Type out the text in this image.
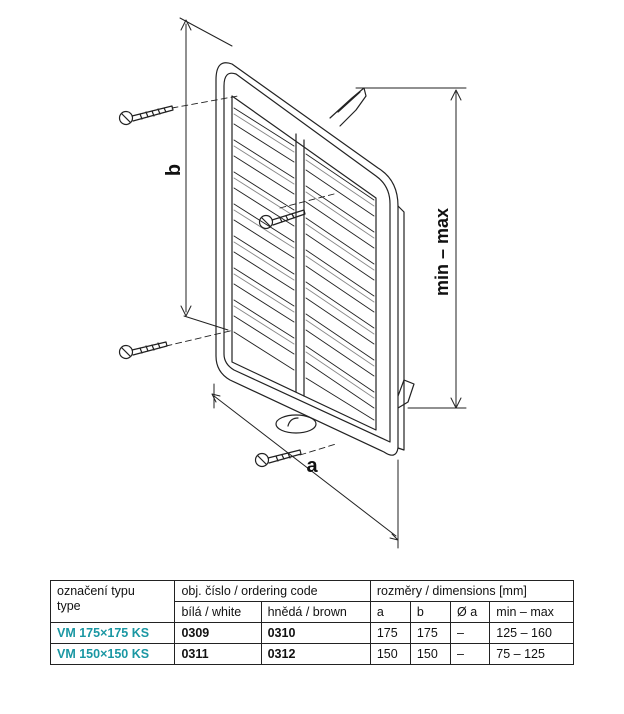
b
a
min – max
označení typu
type	obj. číslo / ordering code		rozměry / dimensions [mm]			
	bílá / white	hnědá / brown	a	b	Ø a	min – max
VM 175×175 KS	0309	0310	175	175	–	125 – 160
VM 150×150 KS	0311	0312	150	150	–	75 – 125
